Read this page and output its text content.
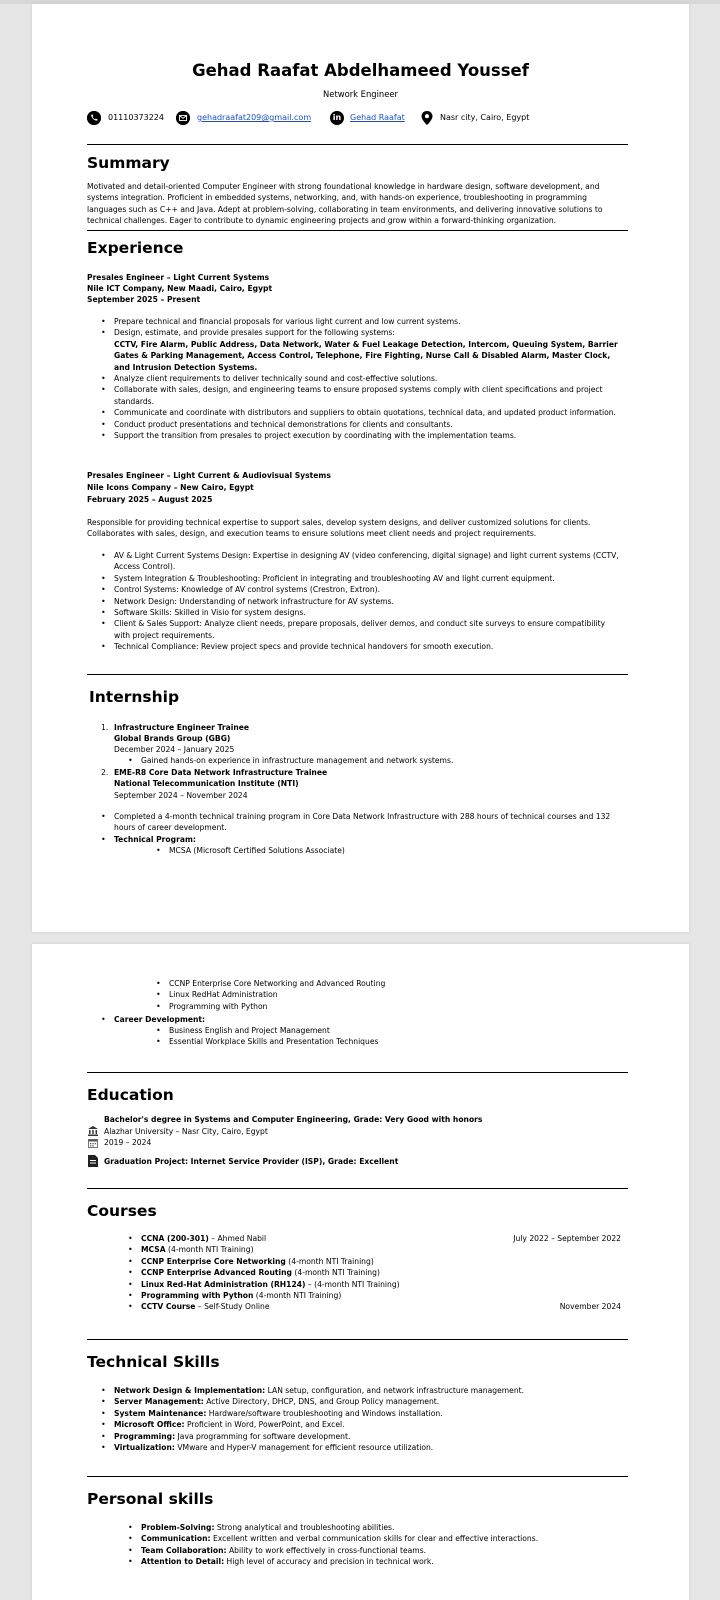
Gehad Raafat Abdelhameed Youssef
Network Engineer
01110373224	gehadraafat209@gmail.com	in	Gehad Raafat	Nasr city, Cairo, Egypt
Summary
Motivated and detail-oriented Computer Engineer with strong foundational knowledge in hardware design, software development, and systems integration. Proficient in embedded systems, networking, and, with hands-on experience, troubleshooting in programming languages such as C++ and Java. Adept at problem-solving, collaborating in team environments, and delivering innovative solutions to technical challenges. Eager to contribute to dynamic engineering projects and grow within a forward-thinking organization.
Experience
Presales Engineer – Light Current Systems
Nile ICT Company, New Maadi, Cairo, Egypt
September 2025 – Present
• Prepare technical and financial proposals for various light current and low current systems.
• Design, estimate, and provide presales support for the following systems:
CCTV, Fire Alarm, Public Address, Data Network, Water & Fuel Leakage Detection, Intercom, Queuing System, Barrier Gates & Parking Management, Access Control, Telephone, Fire Fighting, Nurse Call & Disabled Alarm, Master Clock, and Intrusion Detection Systems.
• Analyze client requirements to deliver technically sound and cost-effective solutions.
• Collaborate with sales, design, and engineering teams to ensure proposed systems comply with client specifications and project standards.
• Communicate and coordinate with distributors and suppliers to obtain quotations, technical data, and updated product information.
• Conduct product presentations and technical demonstrations for clients and consultants.
• Support the transition from presales to project execution by coordinating with the implementation teams.
Presales Engineer – Light Current & Audiovisual Systems
Nile Icons Company – New Cairo, Egypt
February 2025 – August 2025
Responsible for providing technical expertise to support sales, develop system designs, and deliver customized solutions for clients. Collaborates with sales, design, and execution teams to ensure solutions meet client needs and project requirements.
• AV & Light Current Systems Design: Expertise in designing AV (video conferencing, digital signage) and light current systems (CCTV, Access Control).
• System Integration & Troubleshooting: Proficient in integrating and troubleshooting AV and light current equipment.
• Control Systems: Knowledge of AV control systems (Crestron, Extron).
• Network Design: Understanding of network infrastructure for AV systems.
• Software Skills: Skilled in Visio for system designs.
• Client & Sales Support: Analyze client needs, prepare proposals, deliver demos, and conduct site surveys to ensure compatibility with project requirements.
• Technical Compliance: Review project specs and provide technical handovers for smooth execution.
Internship
1. Infrastructure Engineer Trainee
Global Brands Group (GBG)
December 2024 – January 2025
• Gained hands-on experience in infrastructure management and network systems.
2. EME-R8 Core Data Network Infrastructure Trainee
National Telecommunication Institute (NTI)
September 2024 – November 2024
• Completed a 4-month technical training program in Core Data Network Infrastructure with 288 hours of technical courses and 132 hours of career development.
• Technical Program:
• MCSA (Microsoft Certified Solutions Associate)
• CCNP Enterprise Core Networking and Advanced Routing
• Linux RedHat Administration
• Programming with Python
• Career Development:
• Business English and Project Management
• Essential Workplace Skills and Presentation Techniques
Education
Bachelor's degree in Systems and Computer Engineering, Grade: Very Good with honors
Alazhar University – Nasr City, Cairo, Egypt
2019 – 2024
Graduation Project: Internet Service Provider (ISP), Grade: Excellent
Courses
• CCNA (200-301) – Ahmed Nabil	July 2022 – September 2022
• MCSA (4-month NTI Training)
• CCNP Enterprise Core Networking (4-month NTI Training)
• CCNP Enterprise Advanced Routing (4-month NTI Training)
• Linux Red-Hat Administration (RH124) – (4-month NTI Training)
• Programming with Python (4-month NTI Training)
• CCTV Course – Self-Study Online	November 2024
Technical Skills
• Network Design & Implementation: LAN setup, configuration, and network infrastructure management.
• Server Management: Active Directory, DHCP, DNS, and Group Policy management.
• System Maintenance: Hardware/software troubleshooting and Windows installation.
• Microsoft Office: Proficient in Word, PowerPoint, and Excel.
• Programming: Java programming for software development.
• Virtualization: VMware and Hyper-V management for efficient resource utilization.
Personal skills
• Problem-Solving: Strong analytical and troubleshooting abilities.
• Communication: Excellent written and verbal communication skills for clear and effective interactions.
• Team Collaboration: Ability to work effectively in cross-functional teams.
• Attention to Detail: High level of accuracy and precision in technical work.
